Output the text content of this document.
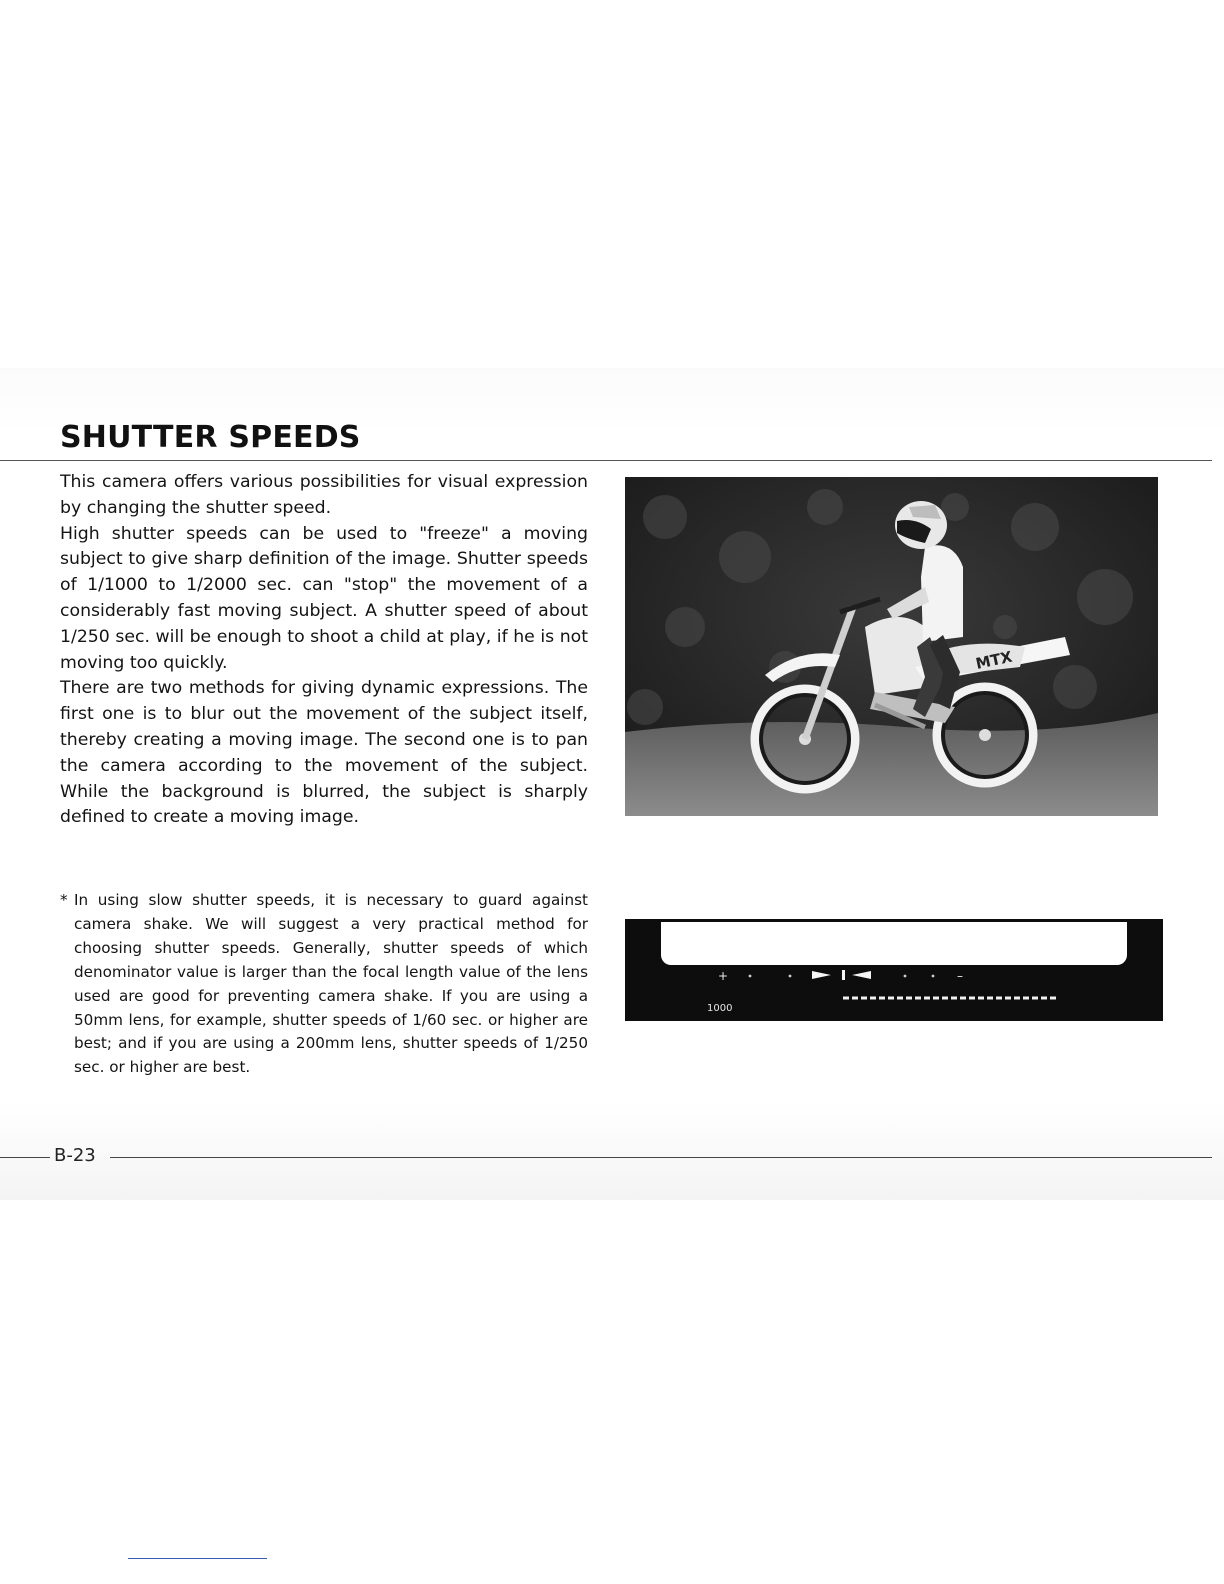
SHUTTER SPEEDS

This camera offers various possibilities for visual expression by changing the shutter speed.

High shutter speeds can be used to "freeze" a moving subject to give sharp definition of the image. Shutter speeds of 1/1000 to 1/2000 sec. can "stop" the movement of a considerably fast moving subject. A shutter speed of about 1/250 sec. will be enough to shoot a child at play, if he is not moving too quickly.

There are two methods for giving dynamic expressions. The first one is to blur out the movement of the subject itself, thereby creating a moving image. The second one is to pan the camera according to the movement of the subject. While the background is blurred, the subject is sharply defined to create a moving image.

* In using slow shutter speeds, it is necessary to guard against camera shake. We will suggest a very practical method for choosing shutter speeds. Generally, shutter speeds of which denominator value is larger than the focal length value of the lens used are good for preventing camera shake. If you are using a 50mm lens, for example, shutter speeds of 1/60 sec. or higher are best; and if you are using a 200mm lens, shutter speeds of 1/250 sec. or higher are best.
MTX
+	–
1000
B-23
